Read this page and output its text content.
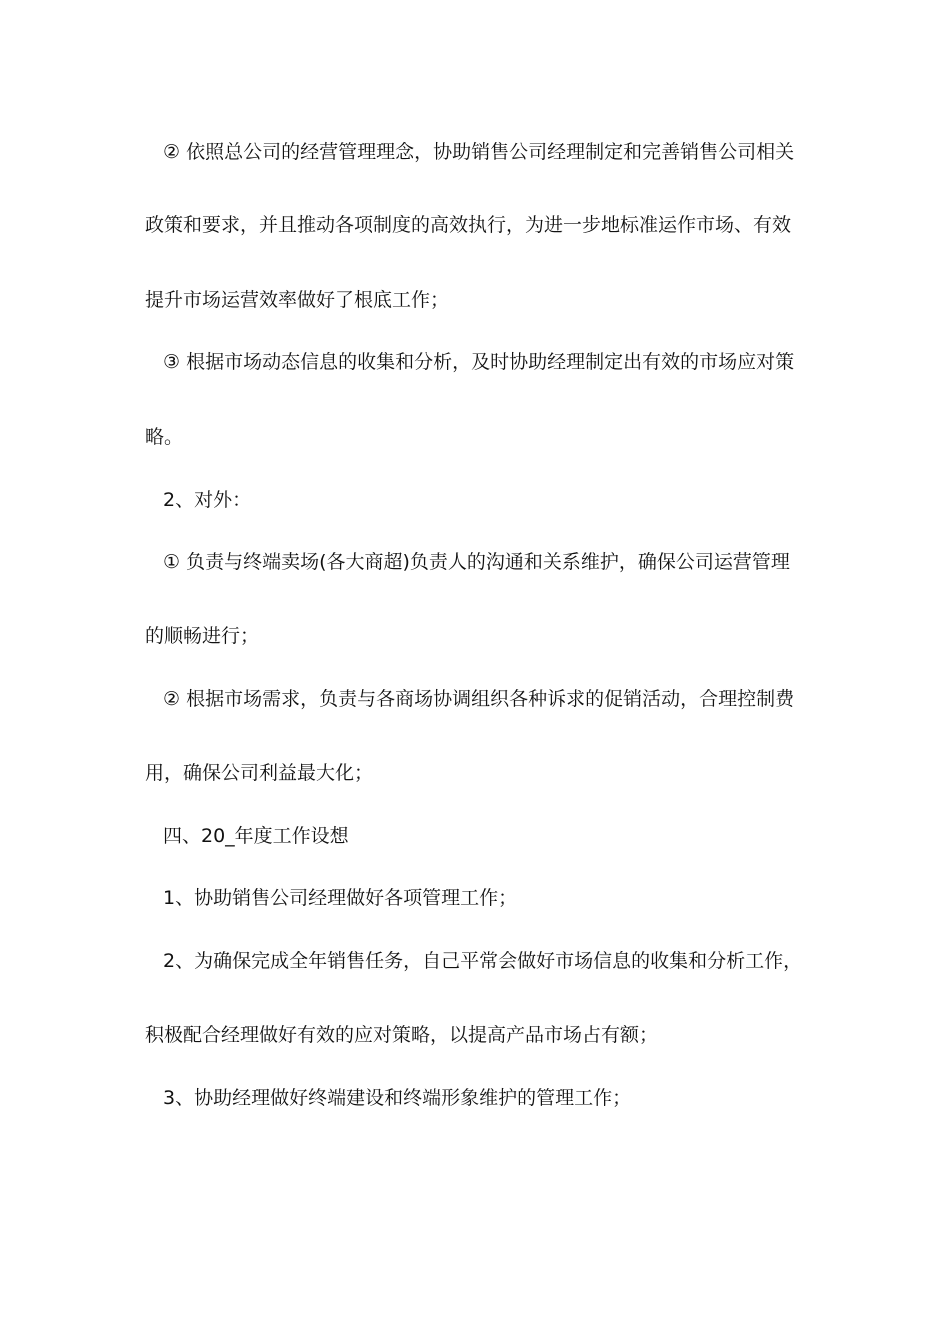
② 依照总公司的经营管理理念，协助销售公司经理制定和完善销售公司相关
政策和要求，并且推动各项制度的高效执行，为进一步地标准运作市场、有效
提升市场运营效率做好了根底工作；
③ 根据市场动态信息的收集和分析，及时协助经理制定出有效的市场应对策
略。
2、对外：
① 负责与终端卖场(各大商超)负责人的沟通和关系维护，确保公司运营管理
的顺畅进行；
② 根据市场需求，负责与各商场协调组织各种诉求的促销活动，合理控制费
用，确保公司利益最大化；
四、20_年度工作设想
1、协助销售公司经理做好各项管理工作；
2、为确保完成全年销售任务，自己平常会做好市场信息的收集和分析工作，
积极配合经理做好有效的应对策略，以提高产品市场占有额；
3、协助经理做好终端建设和终端形象维护的管理工作；
